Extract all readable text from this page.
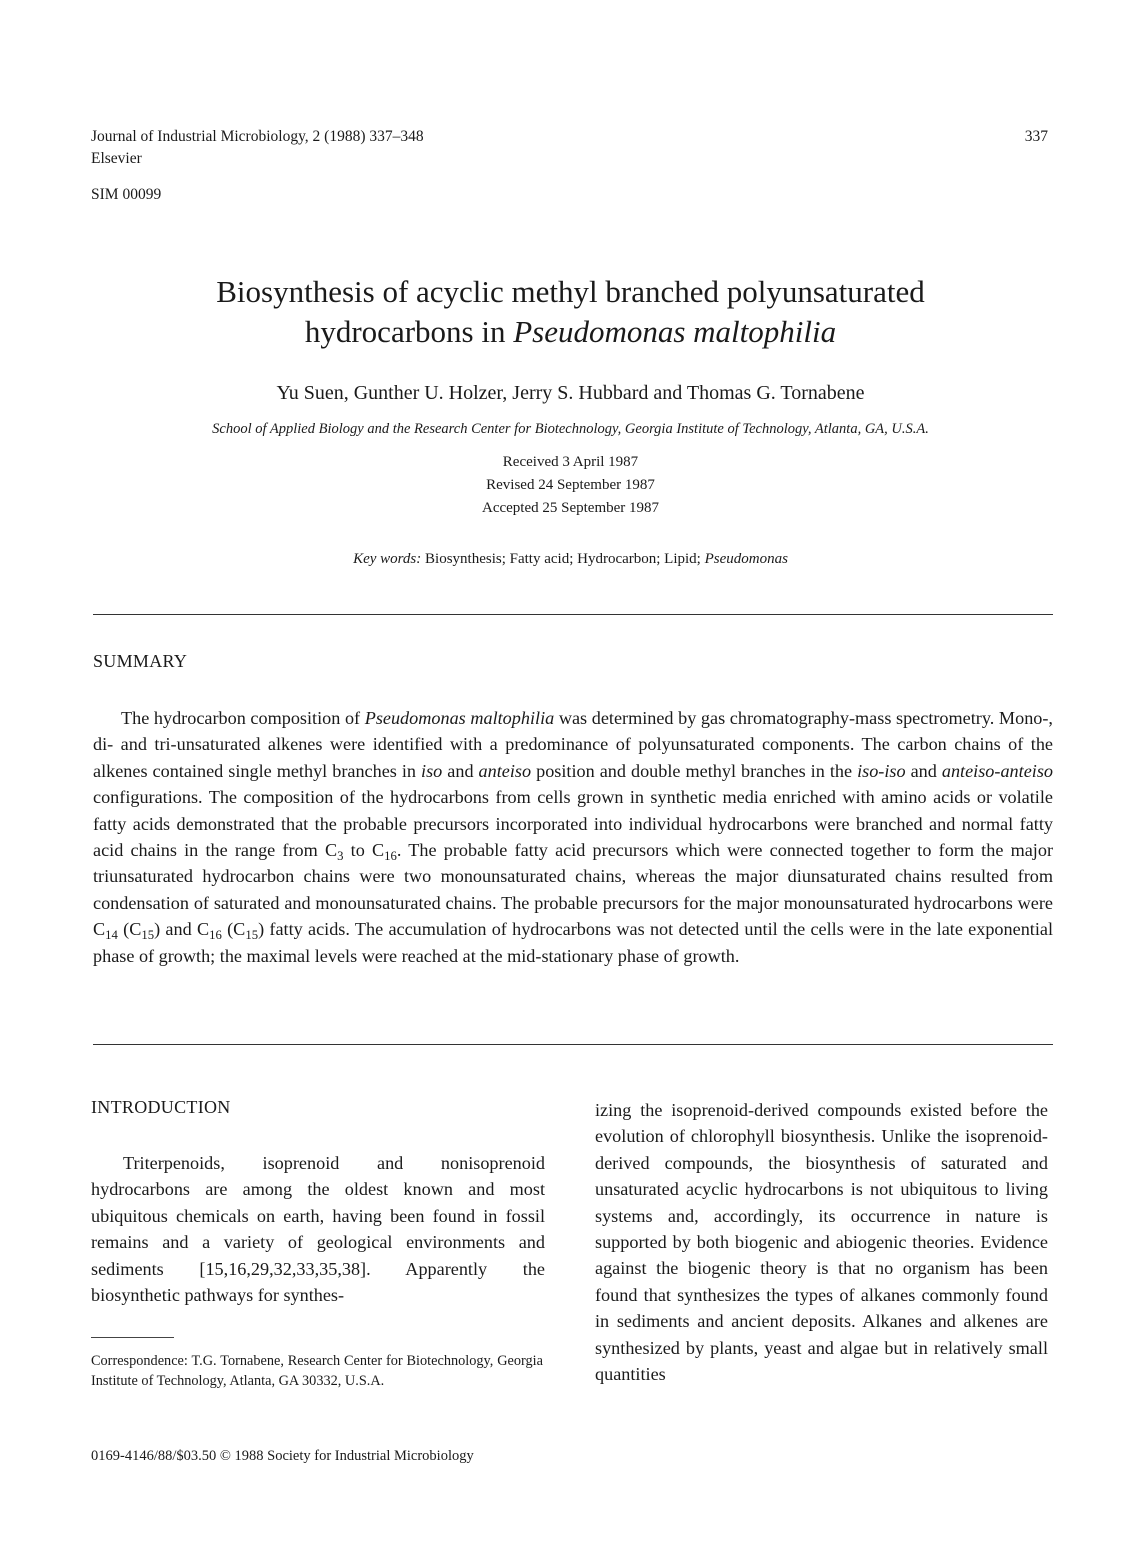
Journal of Industrial Microbiology, 2 (1988) 337–348
Elsevier
337
SIM 00099
Biosynthesis of acyclic methyl branched polyunsaturated
hydrocarbons in Pseudomonas maltophilia
Yu Suen, Gunther U. Holzer, Jerry S. Hubbard and Thomas G. Tornabene
School of Applied Biology and the Research Center for Biotechnology, Georgia Institute of Technology, Atlanta, GA, U.S.A.
Received 3 April 1987
Revised 24 September 1987
Accepted 25 September 1987
Key words: Biosynthesis; Fatty acid; Hydrocarbon; Lipid; Pseudomonas
SUMMARY
The hydrocarbon composition of Pseudomonas maltophilia was determined by gas chromatography-mass spectrometry. Mono-, di- and tri-unsaturated alkenes were identified with a predominance of polyunsaturated components. The carbon chains of the alkenes contained single methyl branches in iso and anteiso position and double methyl branches in the iso-iso and anteiso-anteiso configurations. The composition of the hydrocarbons from cells grown in synthetic media enriched with amino acids or volatile fatty acids demonstrated that the probable precursors incorporated into individual hydrocarbons were branched and normal fatty acid chains in the range from $C_3$ to $C_{16}$. The probable fatty acid precursors which were connected together to form the major triunsaturated hydrocarbon chains were two monounsaturated chains, whereas the major diunsaturated chains resulted from condensation of saturated and monounsaturated chains. The probable precursors for the major monounsaturated hydrocarbons were $C_{14}$ $(C_{15})$ and $C_{16}$ $(C_{15})$ fatty acids. The accumulation of hydrocarbons was not detected until the cells were in the late exponential phase of growth; the maximal levels were reached at the mid-stationary phase of growth.
INTRODUCTION

Triterpenoids, isoprenoid and nonisoprenoid hydrocarbons are among the oldest known and most ubiquitous chemicals on earth, having been found in fossil remains and a variety of geological environments and sediments [15,16,29,32,33,35,38]. Apparently the biosynthetic pathways for synthes-

izing the isoprenoid-derived compounds existed before the evolution of chlorophyll biosynthesis. Unlike the isoprenoid-derived compounds, the biosynthesis of saturated and unsaturated acyclic hydrocarbons is not ubiquitous to living systems and, accordingly, its occurrence in nature is supported by both biogenic and abiogenic theories. Evidence against the biogenic theory is that no organism has been found that synthesizes the types of alkanes commonly found in sediments and ancient deposits. Alkanes and alkenes are synthesized by plants, yeast and algae but in relatively small quantities

Correspondence: T.G. Tornabene, Research Center for Biotechnology, Georgia Institute of Technology, Atlanta, GA 30332, U.S.A.
0169-4146/88/$03.50 © 1988 Society for Industrial Microbiology
